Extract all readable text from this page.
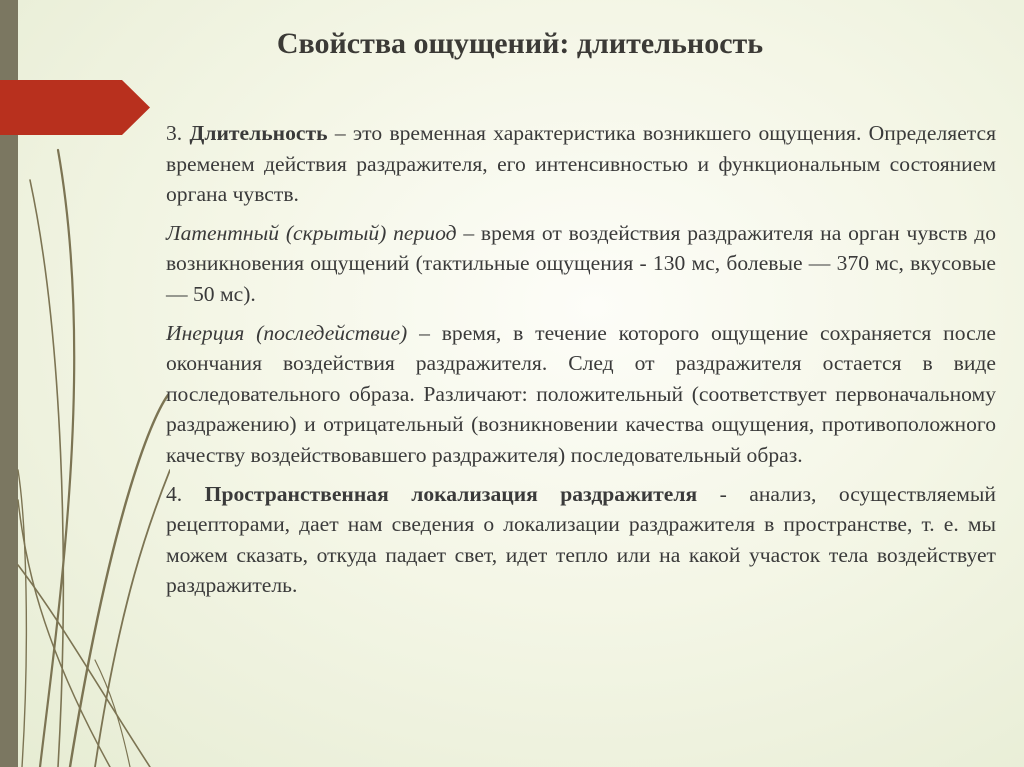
Свойства ощущений: длительность

3. Длительность – это временная характеристика возникшего ощущения. Определяется временем действия раздражителя, его интенсивностью и функциональным состоянием органа чувств.

Латентный (скрытый) период – время от воздействия раздражителя на орган чувств до возникновения ощущений (тактильные ощущения - 130 мс, болевые — 370 мс, вкусовые — 50 мс).

Инерция (последействие) – время, в течение которого ощущение сохраняется после окончания воздействия раздражителя. След от раздражителя остается в виде последовательного образа. Различают: положительный (соответствует первоначальному раздражению) и отрицательный (возникновении качества ощущения, противоположного качеству воздействовавшего раздражителя) последовательный образ.

4. Пространственная локализация раздражителя - анализ, осуществляемый рецепторами, дает нам сведения о локализации раздражителя в пространстве, т. е. мы можем сказать, откуда падает свет, идет тепло или на какой участок тела воздействует раздражитель.
